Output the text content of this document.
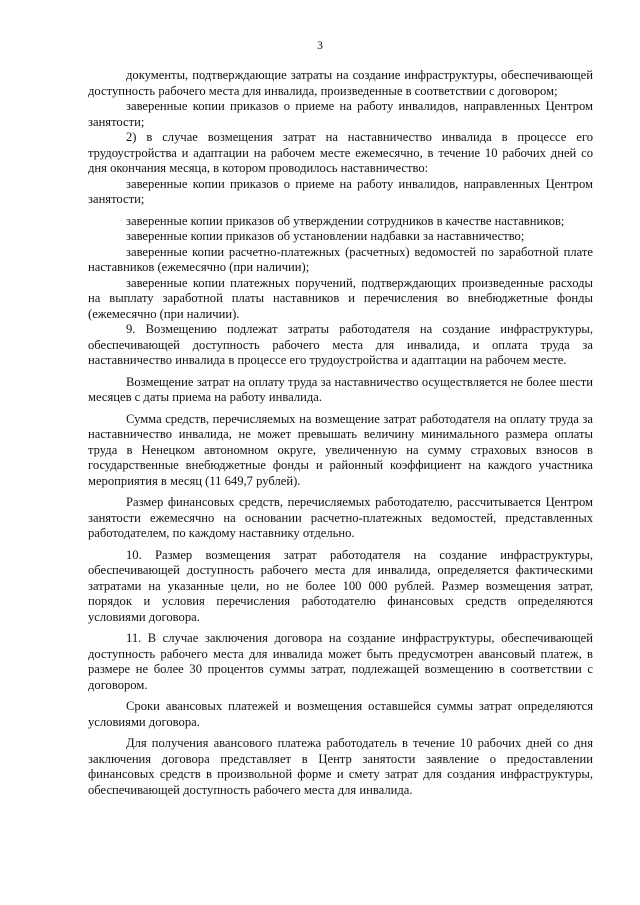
3

документы, подтверждающие затраты на создание инфраструктуры, обеспечивающей доступность рабочего места для инвалида, произведенные в соответствии с договором;

заверенные копии приказов о приеме на работу инвалидов, направленных Центром занятости;

2) в случае возмещения затрат на наставничество инвалида в процессе его трудоустройства и адаптации на рабочем месте ежемесячно, в течение 10 рабочих дней со дня окончания месяца, в котором проводилось наставничество:

заверенные копии приказов о приеме на работу инвалидов, направленных Центром занятости;

заверенные копии приказов об утверждении сотрудников в качестве наставников;

заверенные копии приказов об установлении надбавки за наставничество;

заверенные копии расчетно-платежных (расчетных) ведомостей по заработной плате наставников (ежемесячно (при наличии);

заверенные копии платежных поручений, подтверждающих произведенные расходы на выплату заработной платы наставников и перечисления во внебюджетные фонды (ежемесячно (при наличии).

9. Возмещению подлежат затраты работодателя на создание инфраструктуры, обеспечивающей доступность рабочего места для инвалида, и оплата труда за наставничество инвалида в процессе его трудоустройства и адаптации на рабочем месте.

Возмещение затрат на оплату труда за наставничество осуществляется не более шести месяцев с даты приема на работу инвалида.

Сумма средств, перечисляемых на возмещение затрат работодателя на оплату труда за наставничество инвалида, не может превышать величину минимального размера оплаты труда в Ненецком автономном округе, увеличенную на сумму страховых взносов в государственные внебюджетные фонды и районный коэффициент на каждого участника мероприятия в месяц (11 649,7 рублей).

Размер финансовых средств, перечисляемых работодателю, рассчитывается Центром занятости ежемесячно на основании расчетно-платежных ведомостей, представленных работодателем, по каждому наставнику отдельно.

10. Размер возмещения затрат работодателя на создание инфраструктуры, обеспечивающей доступность рабочего места для инвалида, определяется фактическими затратами на указанные цели, но не более 100 000 рублей. Размер возмещения затрат, порядок и условия перечисления работодателю финансовых средств определяются условиями договора.

11. В случае заключения договора на создание инфраструктуры, обеспечивающей доступность рабочего места для инвалида может быть предусмотрен авансовый платеж, в размере не более 30 процентов суммы затрат, подлежащей возмещению в соответствии с договором.

Сроки авансовых платежей и возмещения оставшейся суммы затрат определяются условиями договора.

Для получения авансового платежа работодатель в течение 10 рабочих дней со дня заключения договора представляет в Центр занятости заявление о предоставлении финансовых средств в произвольной форме и смету затрат для создания инфраструктуры, обеспечивающей доступность рабочего места для инвалида.
